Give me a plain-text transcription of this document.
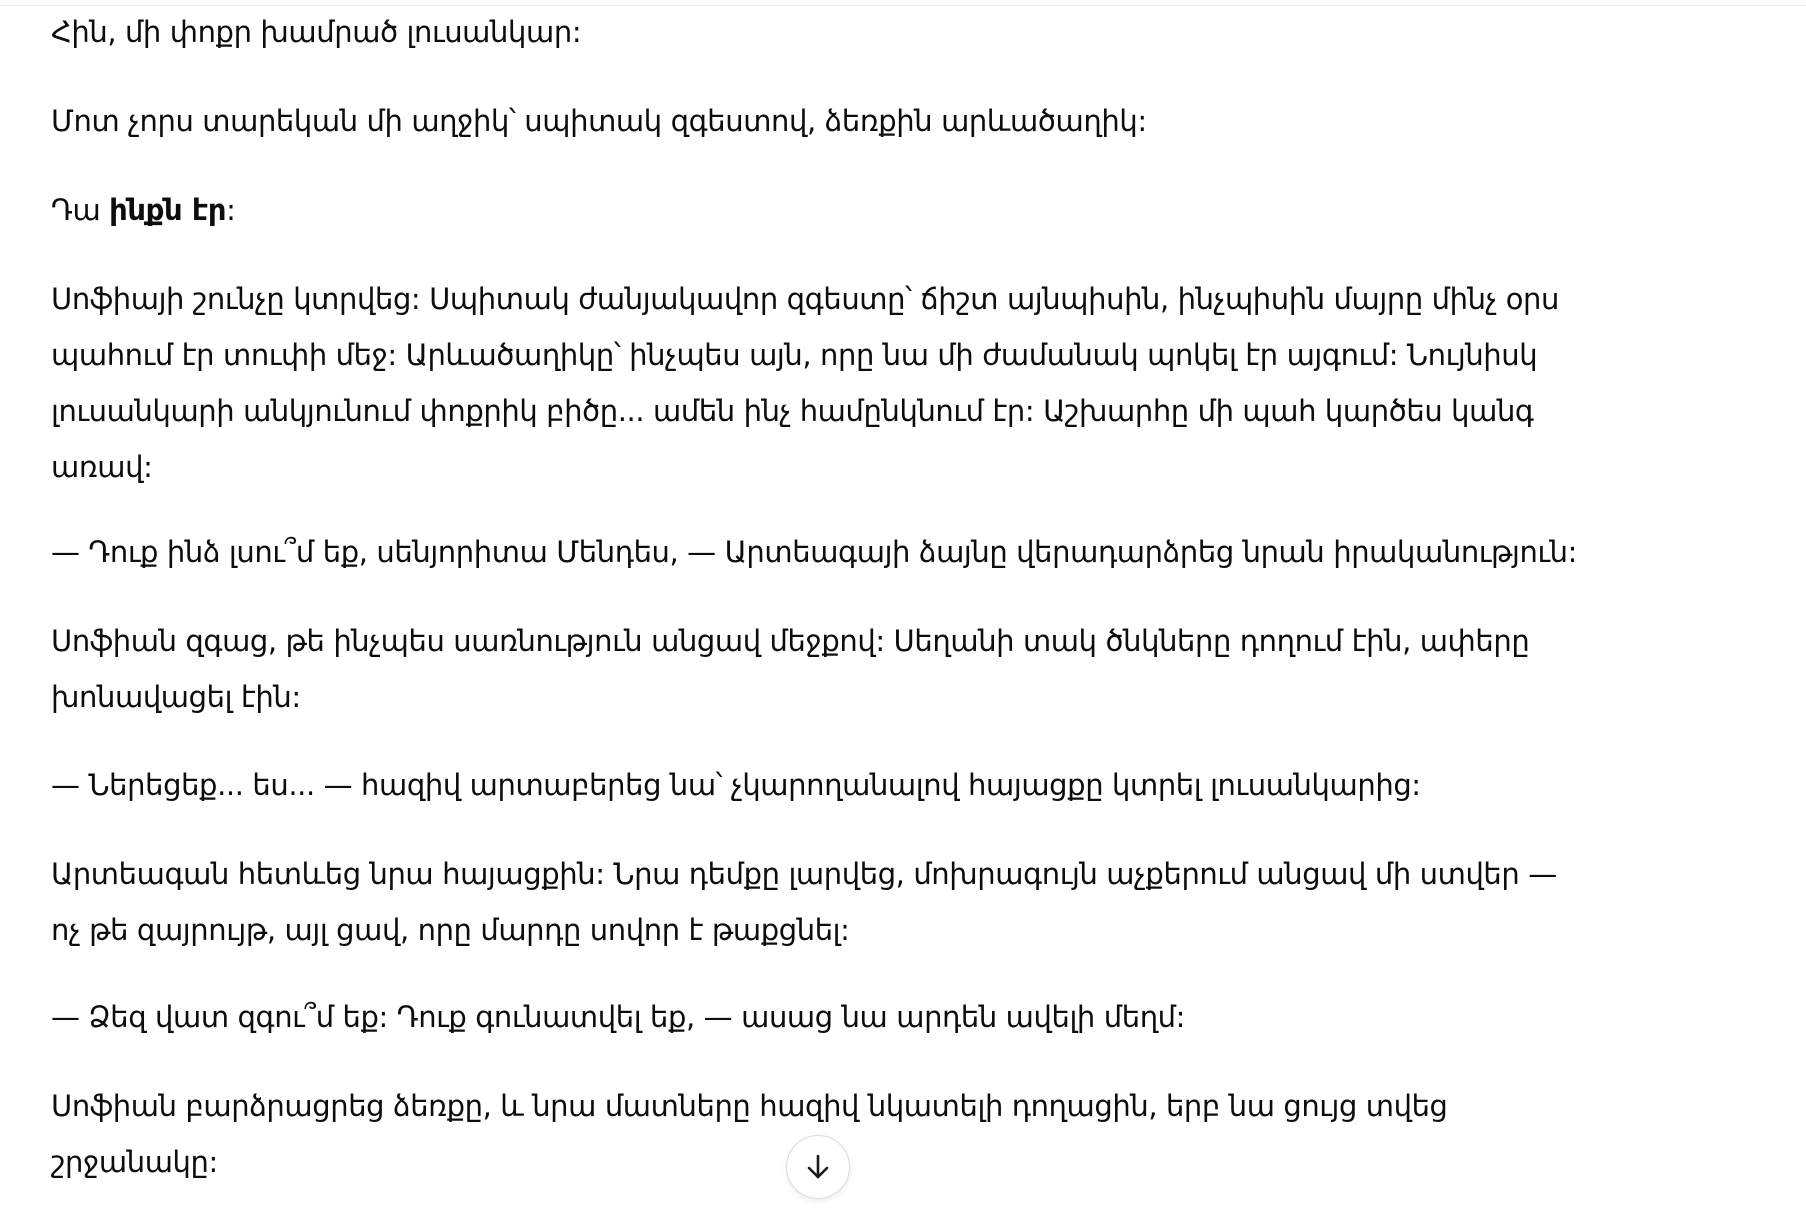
Հին, մի փոքր խամրած լուսանկար:

Մոտ չորս տարեկան մի աղջիկ՝ սպիտակ զգեստով, ձեռքին արևածաղիկ:

Դա ինքն էր:

Սոֆիայի շունչը կտրվեց: Սպիտակ ժանյակավոր զգեստը՝ ճիշտ այնպիսին, ինչպիսին մայրը մինչ օրս

պահում էր տուփի մեջ: Արևածաղիկը՝ ինչպես այն, որը նա մի ժամանակ պոկել էր այգում: Նույնիսկ

լուսանկարի անկյունում փոքրիկ բիծը... ամեն ինչ համընկնում էր: Աշխարհը մի պահ կարծես կանգ

առավ:

— Դուք ինձ լսու՞մ եք, սենյորիտա Մենդես, — Արտեագայի ձայնը վերադարձրեց նրան իրականություն:

Սոֆիան զգաց, թե ինչպես սառնություն անցավ մեջքով: Սեղանի տակ ծնկները դողում էին, ափերը

խոնավացել էին:

— Ներեցեք... ես... — հազիվ արտաբերեց նա՝ չկարողանալով հայացքը կտրել լուսանկարից:

Արտեագան հետևեց նրա հայացքին: Նրա դեմքը լարվեց, մոխրագույն աչքերում անցավ մի ստվեր —

ոչ թե զայրույթ, այլ ցավ, որը մարդը սովոր է թաքցնել:

— Ձեզ վատ զգու՞մ եք: Դուք գունատվել եք, — ասաց նա արդեն ավելի մեղմ:

Սոֆիան բարձրացրեց ձեռքը, և նրա մատները հազիվ նկատելի դողացին, երբ նա ցույց տվեց

շրջանակը:
